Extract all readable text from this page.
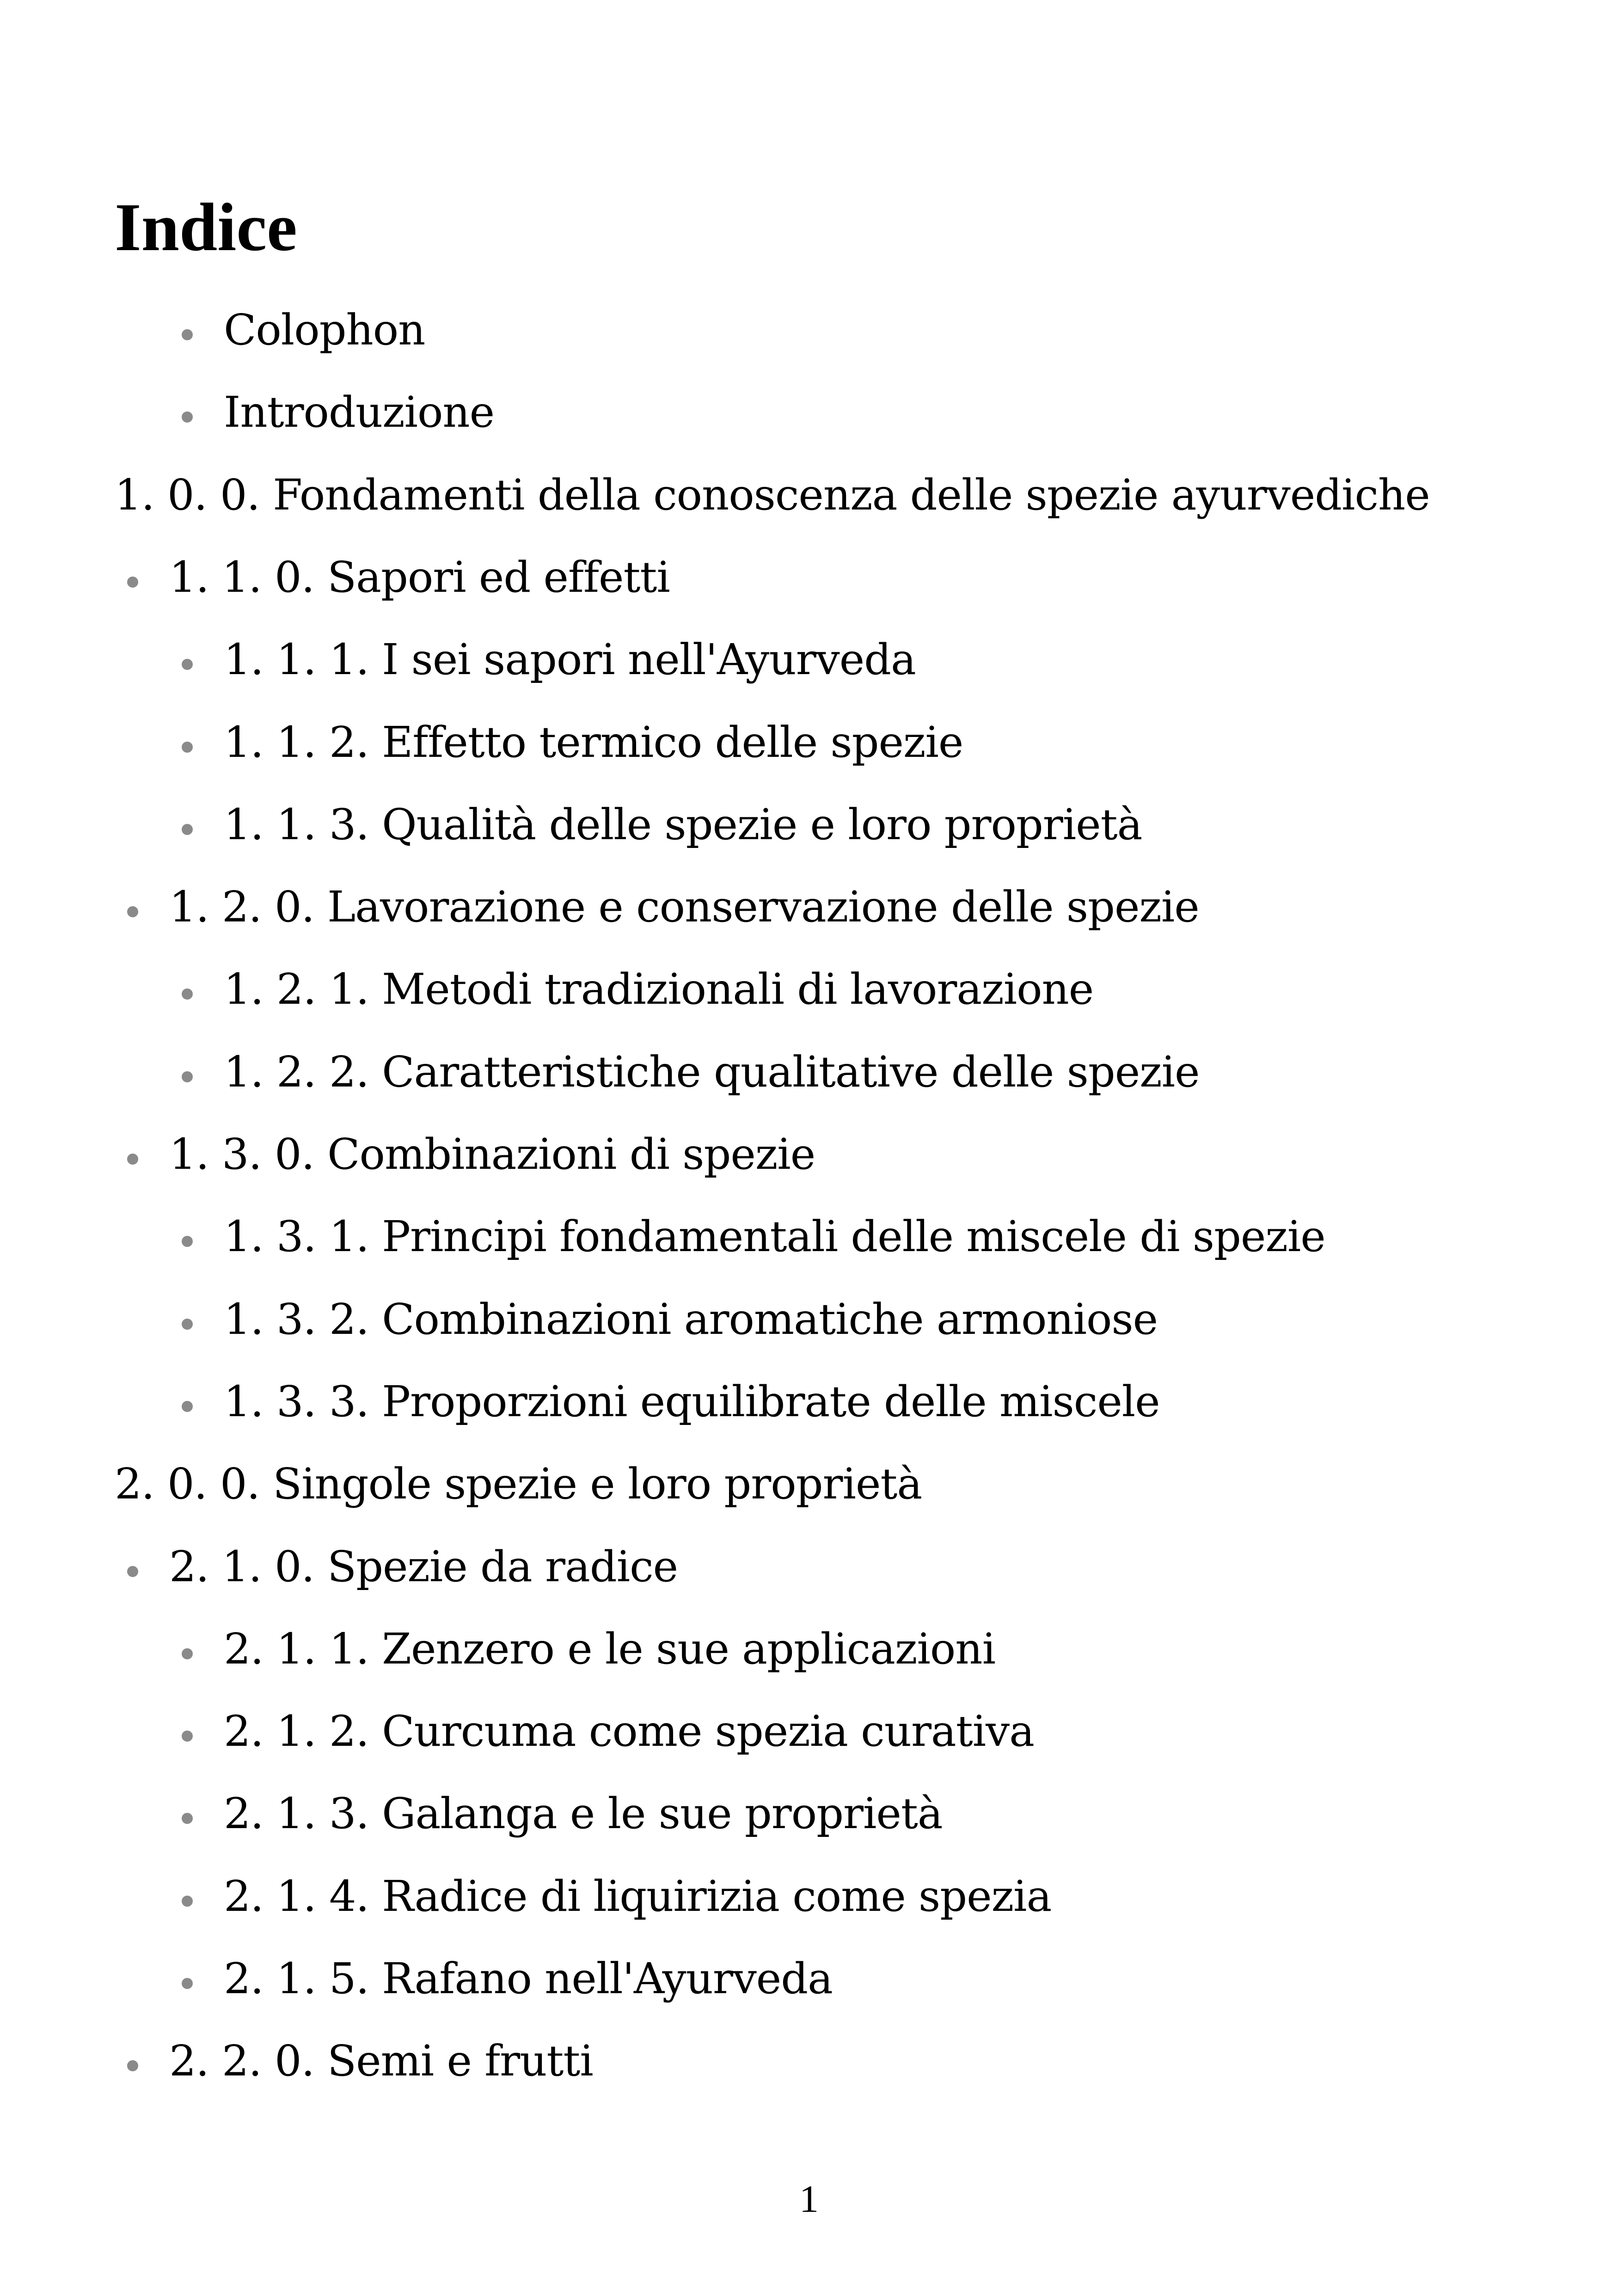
Indice
Colophon
Introduzione
1. 0. 0. Fondamenti della conoscenza delle spezie ayurvediche
1. 1. 0. Sapori ed effetti
1. 1. 1. I sei sapori nell'Ayurveda
1. 1. 2. Effetto termico delle spezie
1. 1. 3. Qualità delle spezie e loro proprietà
1. 2. 0. Lavorazione e conservazione delle spezie
1. 2. 1. Metodi tradizionali di lavorazione
1. 2. 2. Caratteristiche qualitative delle spezie
1. 3. 0. Combinazioni di spezie
1. 3. 1. Principi fondamentali delle miscele di spezie
1. 3. 2. Combinazioni aromatiche armoniose
1. 3. 3. Proporzioni equilibrate delle miscele
2. 0. 0. Singole spezie e loro proprietà
2. 1. 0. Spezie da radice
2. 1. 1. Zenzero e le sue applicazioni
2. 1. 2. Curcuma come spezia curativa
2. 1. 3. Galanga e le sue proprietà
2. 1. 4. Radice di liquirizia come spezia
2. 1. 5. Rafano nell'Ayurveda
2. 2. 0. Semi e frutti
1
